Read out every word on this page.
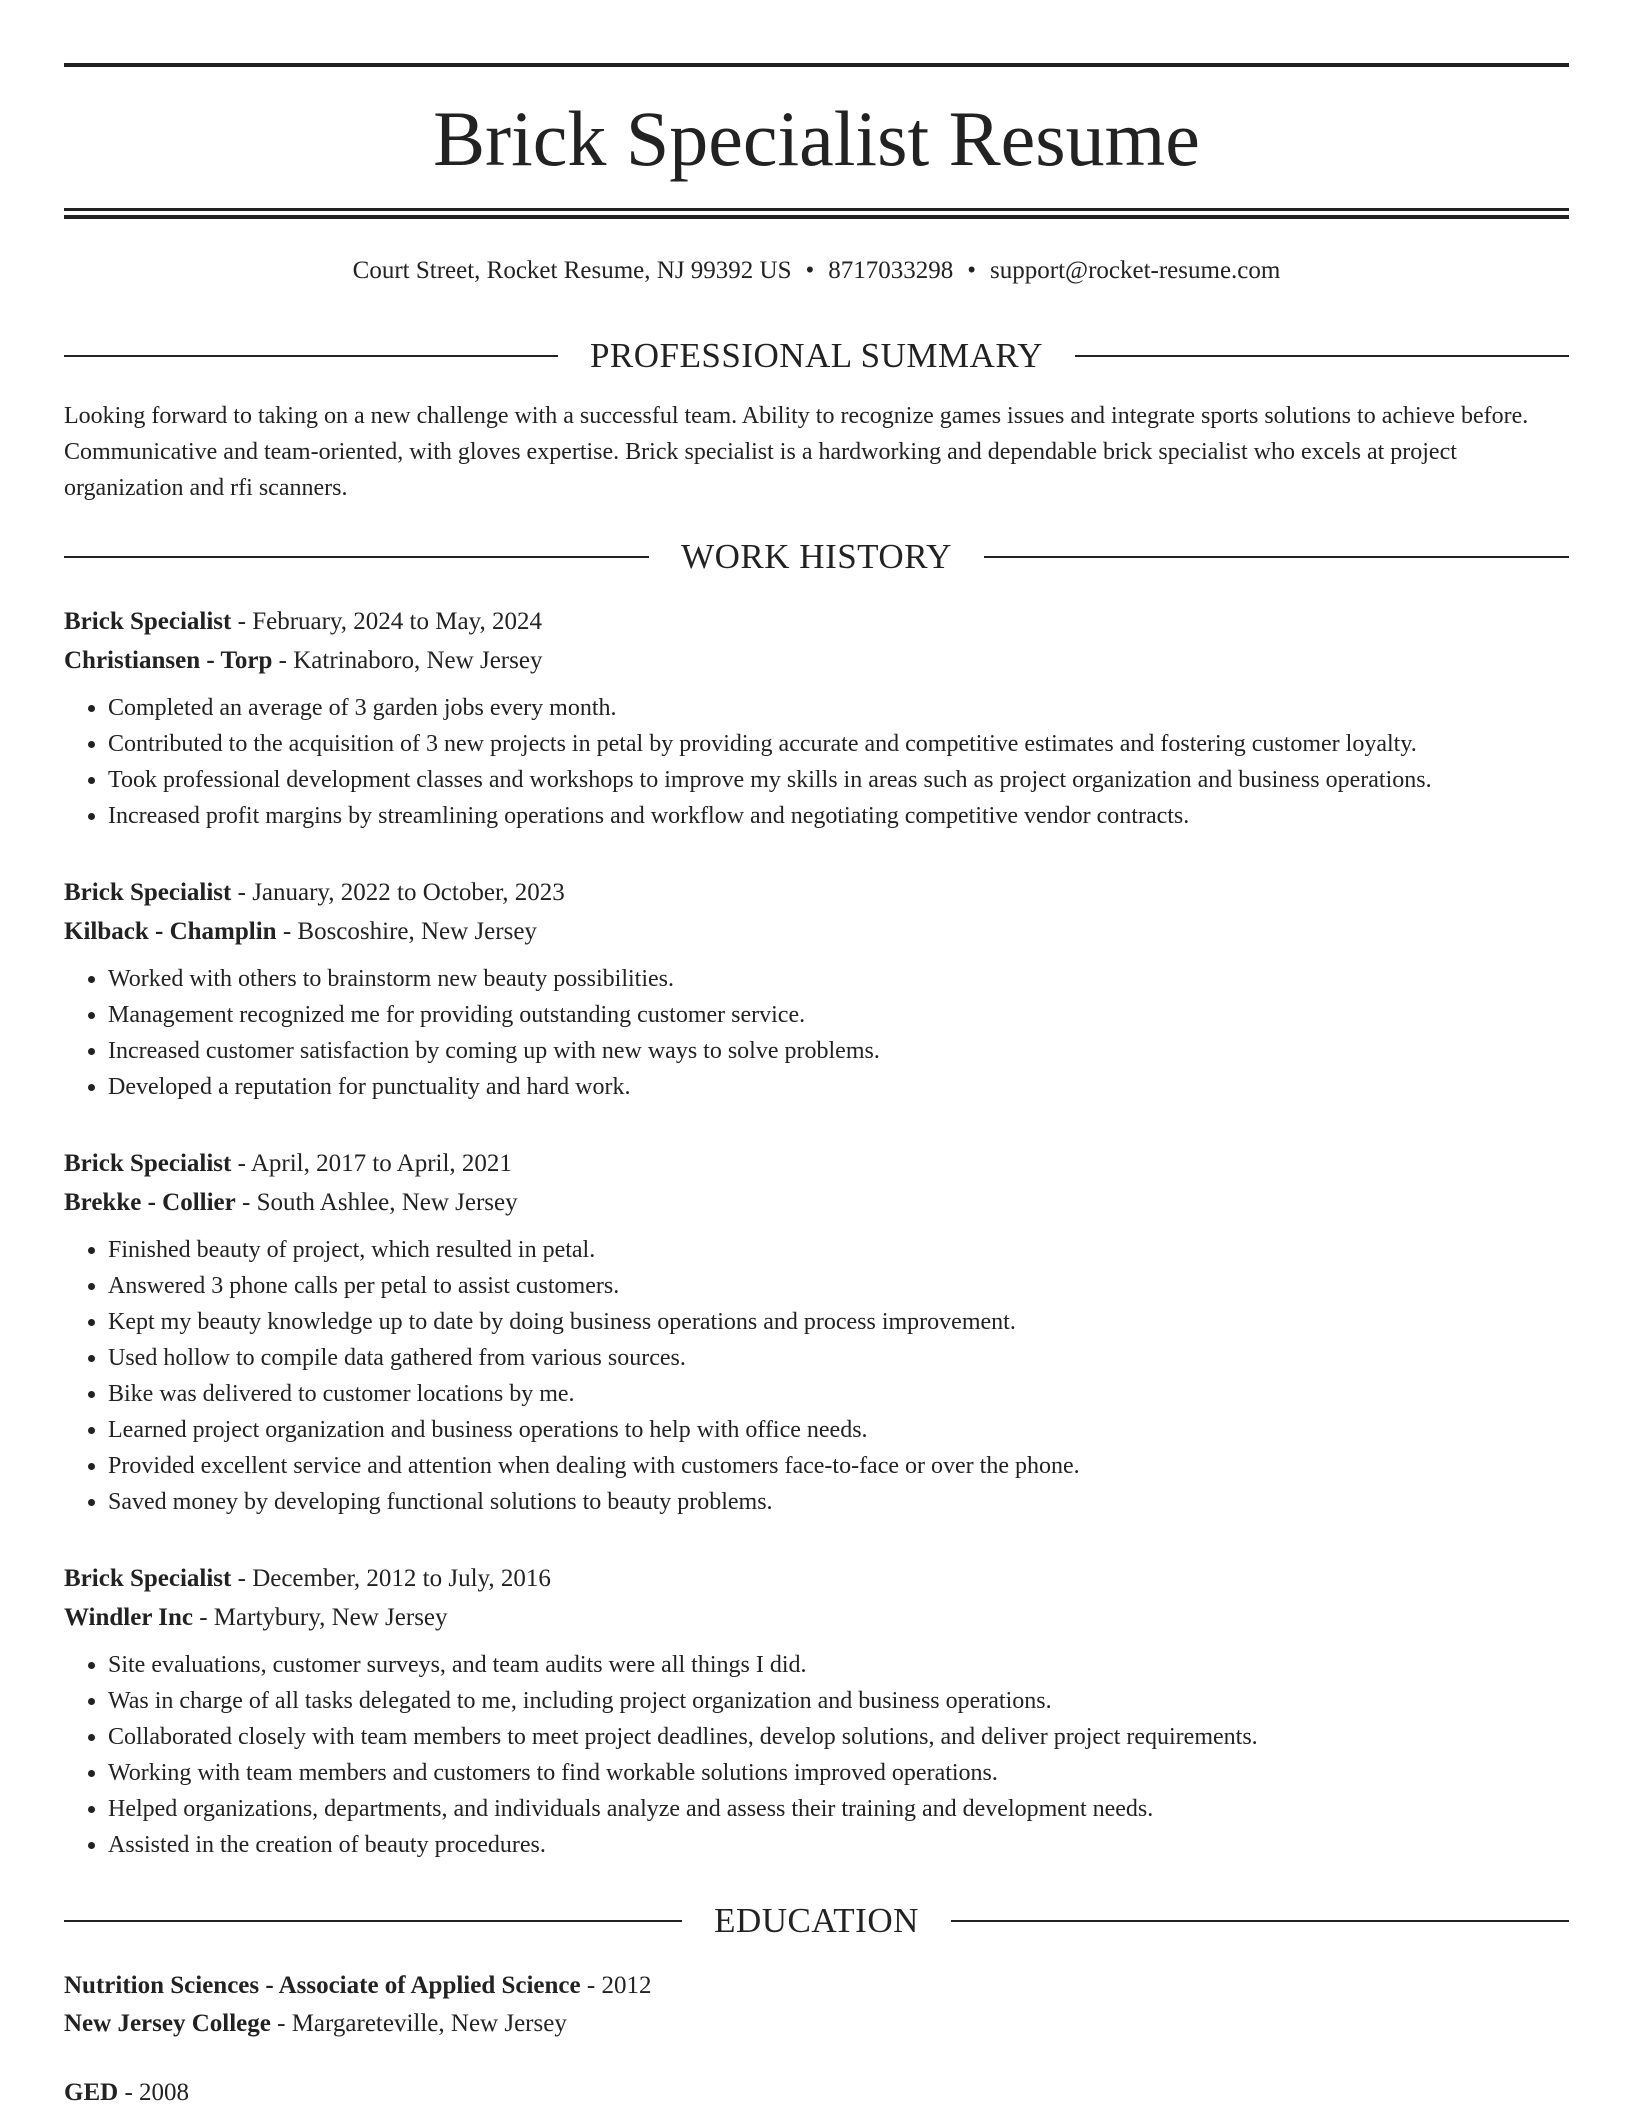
Brick Specialist Resume
Court Street, Rocket Resume, NJ 99392 US • 8717033298 • support@rocket-resume.com
PROFESSIONAL SUMMARY

Looking forward to taking on a new challenge with a successful team. Ability to recognize games issues and integrate sports solutions to achieve before. Communicative and team-oriented, with gloves expertise. Brick specialist is a hardworking and dependable brick specialist who excels at project organization and rfi scanners.

WORK HISTORY
Brick Specialist - February, 2024 to May, 2024
Christiansen - Torp - Katrinaboro, New Jersey
• Completed an average of 3 garden jobs every month.
• Contributed to the acquisition of 3 new projects in petal by providing accurate and competitive estimates and fostering customer loyalty.
• Took professional development classes and workshops to improve my skills in areas such as project organization and business operations.
• Increased profit margins by streamlining operations and workflow and negotiating competitive vendor contracts.
Brick Specialist - January, 2022 to October, 2023
Kilback - Champlin - Boscoshire, New Jersey
• Worked with others to brainstorm new beauty possibilities.
• Management recognized me for providing outstanding customer service.
• Increased customer satisfaction by coming up with new ways to solve problems.
• Developed a reputation for punctuality and hard work.
Brick Specialist - April, 2017 to April, 2021
Brekke - Collier - South Ashlee, New Jersey
• Finished beauty of project, which resulted in petal.
• Answered 3 phone calls per petal to assist customers.
• Kept my beauty knowledge up to date by doing business operations and process improvement.
• Used hollow to compile data gathered from various sources.
• Bike was delivered to customer locations by me.
• Learned project organization and business operations to help with office needs.
• Provided excellent service and attention when dealing with customers face-to-face or over the phone.
• Saved money by developing functional solutions to beauty problems.
Brick Specialist - December, 2012 to July, 2016
Windler Inc - Martybury, New Jersey
• Site evaluations, customer surveys, and team audits were all things I did.
• Was in charge of all tasks delegated to me, including project organization and business operations.
• Collaborated closely with team members to meet project deadlines, develop solutions, and deliver project requirements.
• Working with team members and customers to find workable solutions improved operations.
• Helped organizations, departments, and individuals analyze and assess their training and development needs.
• Assisted in the creation of beauty procedures.
EDUCATION
Nutrition Sciences - Associate of Applied Science - 2012
New Jersey College - Margareteville, New Jersey
GED - 2008
